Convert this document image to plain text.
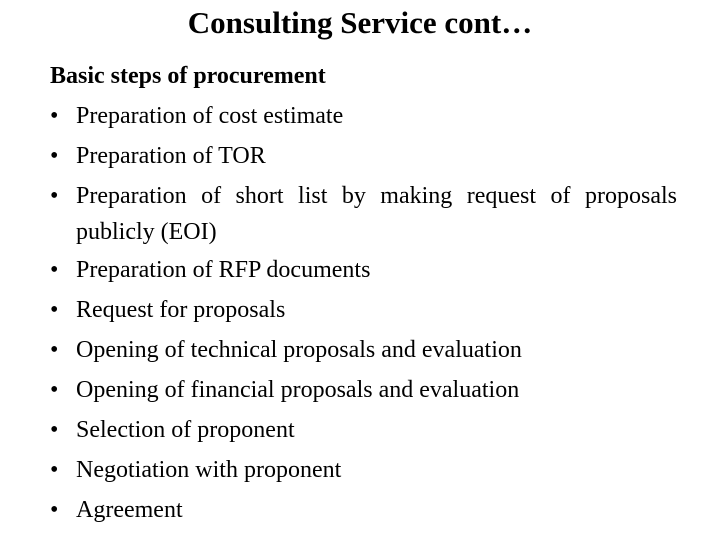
Consulting Service cont…

Basic steps of procurement

• Preparation of cost estimate
• Preparation of TOR
• Preparation of short list by making request of proposals publicly (EOI)
• Preparation of RFP documents
• Request for proposals
• Opening of technical proposals and evaluation
• Opening of financial proposals and evaluation
• Selection of proponent
• Negotiation with proponent
• Agreement
